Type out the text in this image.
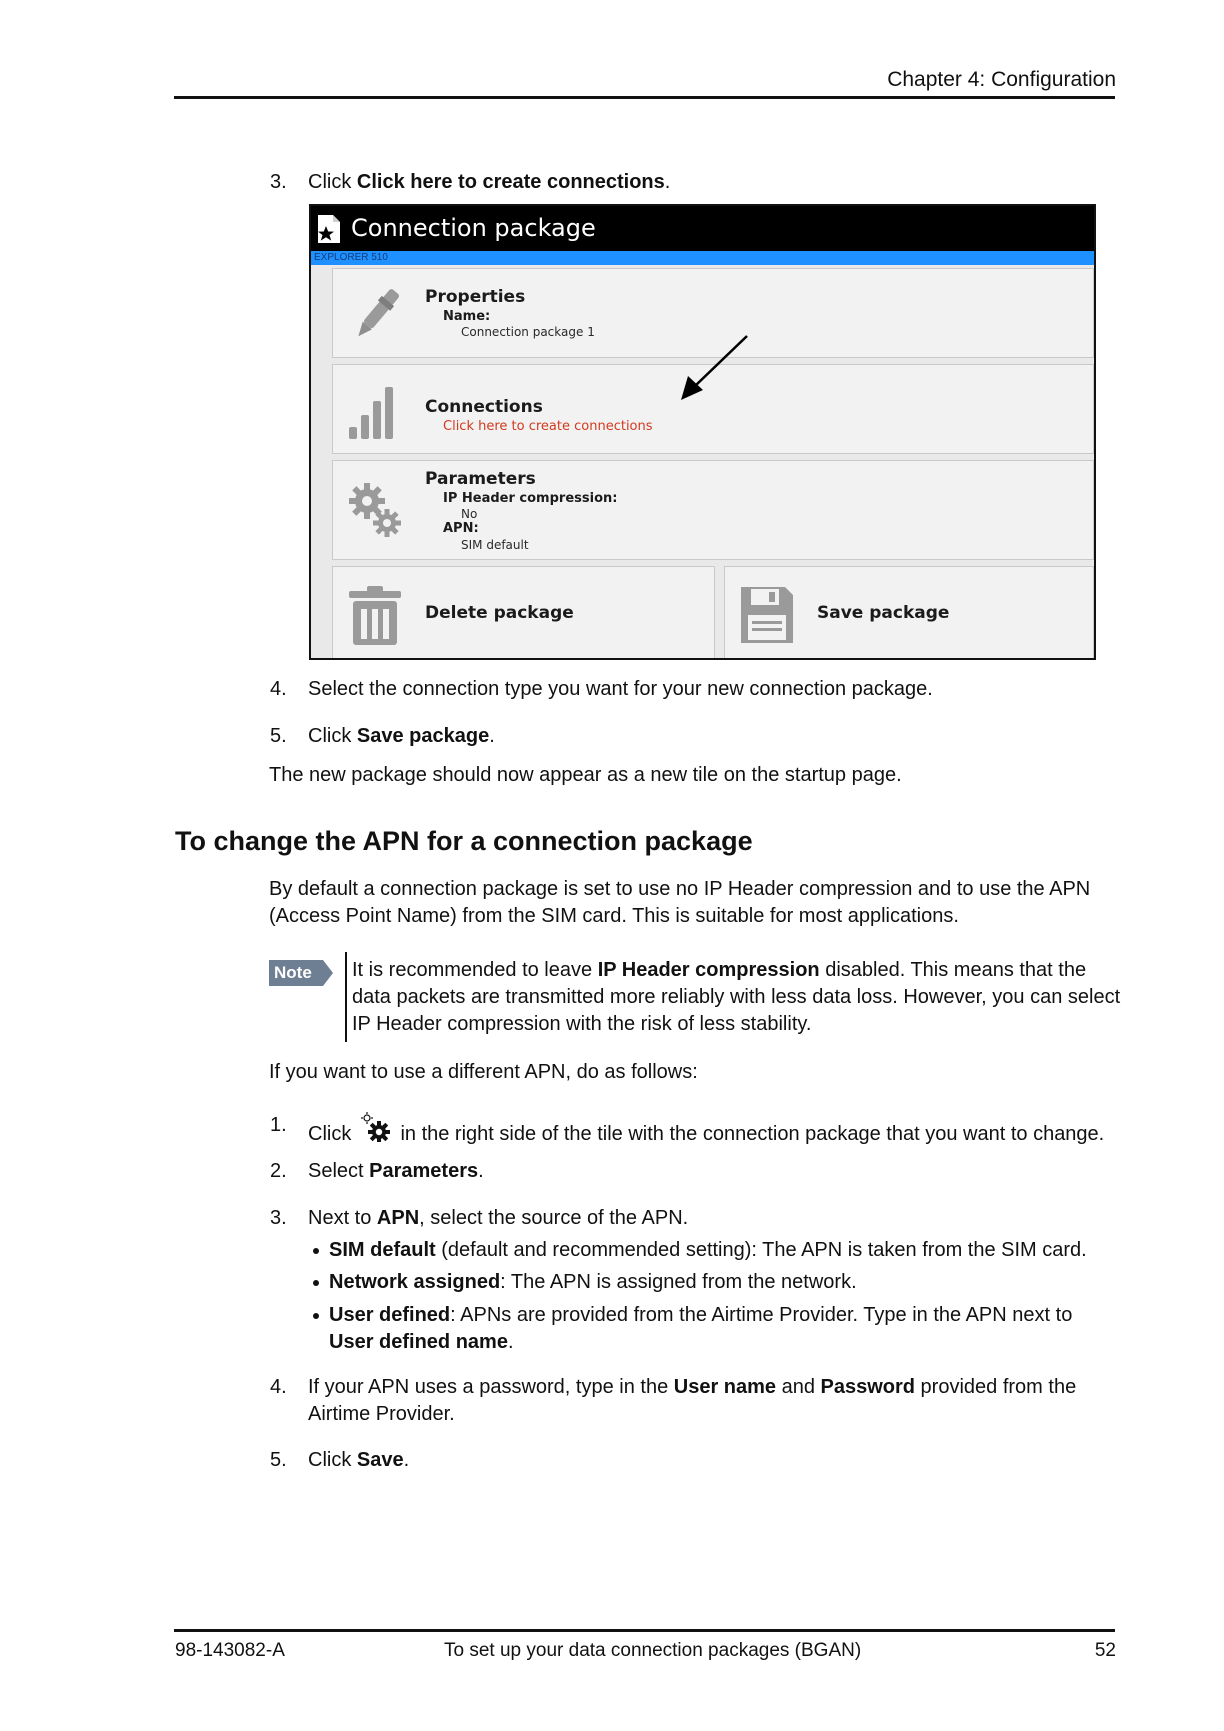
Chapter 4: Configuration
3. Click Click here to create connections.
Connection package
EXPLORER 510
Properties
Name:
Connection package 1
Connections
Click here to create connections
Parameters
IP Header compression:
No
APN:
SIM default
Delete package	Save package
4. Select the connection type you want for your new connection package.
5. Click Save package.
The new package should now appear as a new tile on the startup page.
To change the APN for a connection package
By default a connection package is set to use no IP Header compression and to use the APN
(Access Point Name) from the SIM card. This is suitable for most applications.
Note It is recommended to leave IP Header compression disabled. This means that the
data packets are transmitted more reliably with less data loss. However, you can select
IP Header compression with the risk of less stability.
If you want to use a different APN, do as follows:
1. Click  in the right side of the tile with the connection package that you want to change.
2. Select Parameters.
3. Next to APN, select the source of the APN.
SIM default (default and recommended setting): The APN is taken from the SIM card.
Network assigned: The APN is assigned from the network.
User defined: APNs are provided from the Airtime Provider. Type in the APN next to
User defined name.
4. If your APN uses a password, type in the User name and Password provided from the
Airtime Provider.
5. Click Save.
98-143082-A	To set up your data connection packages (BGAN)	52
